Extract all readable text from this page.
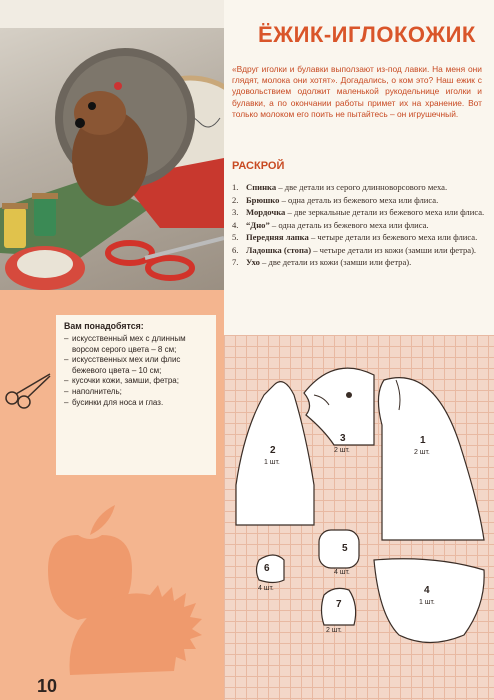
ЁЖИК-ИГЛОКОЖИК

«Вдруг иголки и булавки выползают из-под лавки. На меня они глядят, молока они хотят». Догадались, о ком это? Наш ежик с удовольствием одолжит маленькой рукодельнице иголки и булавки, а по окончании работы примет их на хранение. Вот только молоком его поить не пытайтесь – он игрушечный.

РАСКРОЙ
1. Спинка – две детали из серого длинноворсового меха.
2. Брюшко – одна деталь из бежевого меха или флиса.
3. Мордочка – две зеркальные детали из бежевого меха или флиса.
4. “Дно” – одна деталь из бежевого меха или флиса.
5. Передняя лапка – четыре детали из бежевого меха или флиса.
6. Ладошка (стопа) – четыре детали из кожи (замши или фетра).
7. Ухо – две детали из кожи (замши или фетра).
Вам понадобятся:
– искусственный мех с длинным ворсом серого цвета – 8 см;
– искусственных мех или флис бежевого цвета – 10 см;
– кусочки кожи, замши, фетра;
– наполнитель;
– бусинки для носа и глаз.
10
2
1 шт.
3
2 шт.
1
2 шт.
5
4 шт.
6
4 шт.
7
2 шт.
4
1 шт.
